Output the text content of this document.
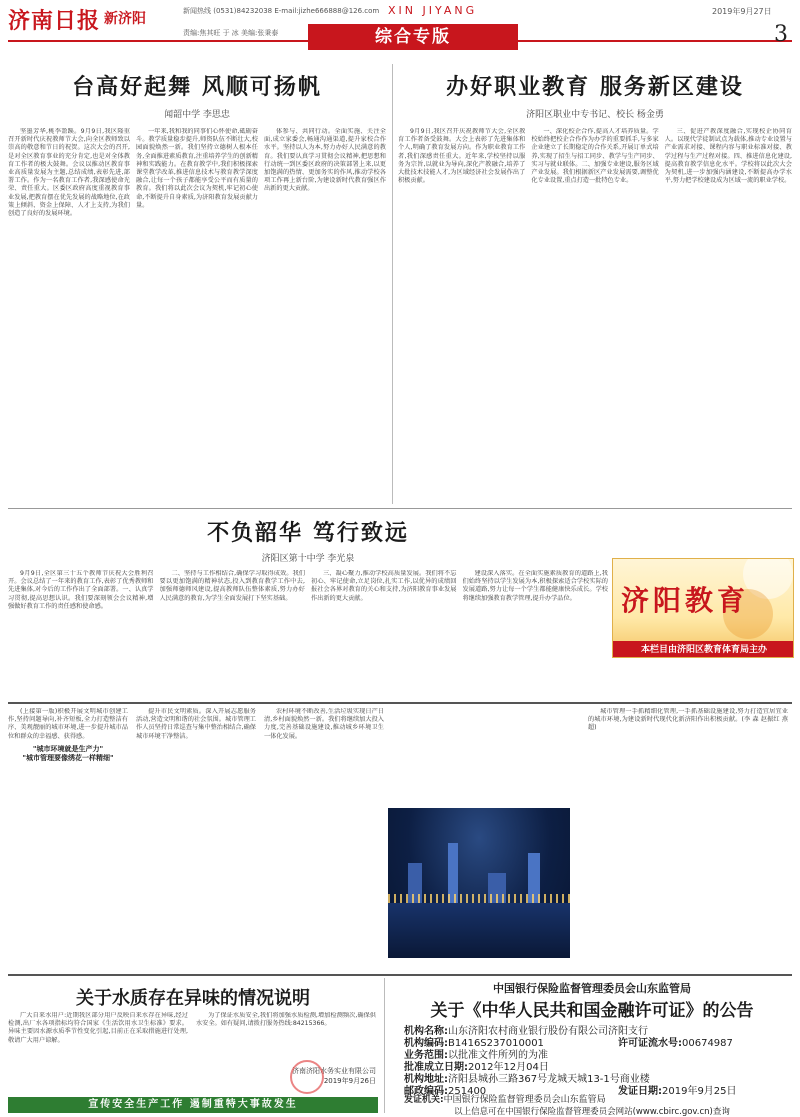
济南日报 新济阳	新闻热线 (0531)84232038 E-mail:jizhe666888@126.com
责编:焦其旺 于 冰 美编:张秉泰
XIN JIYANG	2019年9月27日
综合专版	3
台高好起舞 风顺可扬帆
闻韶中学 李思忠

坚墨芳华,桃李盈蹊。9月9日,我区隆重召开新时代庆祝教师节大会,向全区教师致以崇高的敬意和节日的祝贺。这次大会的召开,是对全区教育事业的充分肯定,也是对全体教育工作者的极大鼓舞。会议以推动区教育事业高质量发展为主题,总结成绩,表彰先进,部署工作。作为一名教育工作者,我深感使命光荣、责任重大。区委区政府高度重视教育事业发展,把教育摆在优先发展的战略地位,在政策上倾斜、资金上保障、人才上支持,为我们创造了良好的发展环境。

一年来,我和我的同事们心怀使命,砥砺奋斗。教学质量稳步提升,师资队伍不断壮大,校园面貌焕然一新。我们坚持立德树人根本任务,全面推进素质教育,注重培养学生的创新精神和实践能力。在教育教学中,我们积极探索课堂教学改革,推进信息技术与教育教学深度融合,让每一个孩子都能享受公平而有质量的教育。我们将以此次会议为契机,牢记初心使命,不断提升自身素质,为济阳教育发展贡献力量。

体参与、共同行动。全面实施、关注全面,成立家委会,畅通沟通渠道,提升家校合作水平。坚持以人为本,努力办好人民满意的教育。我们要认真学习贯彻会议精神,把思想和行动统一到区委区政府的决策部署上来,以更加饱满的热情、更加务实的作风,推动学校各项工作再上新台阶,为建设新时代教育强区作出新的更大贡献。

办好职业教育 服务新区建设
济阳区职业中专书记、校长 杨金勇

9月9日,我区召开庆祝教师节大会,全区教育工作者备受鼓舞。大会上表彰了先进集体和个人,明确了教育发展方向。作为职业教育工作者,我们深感责任重大。近年来,学校坚持以服务为宗旨,以就业为导向,深化产教融合,培养了大批技术技能人才,为区域经济社会发展作出了积极贡献。

一、深化校企合作,提高人才培养质量。学校始终把校企合作作为办学的重要抓手,与多家企业建立了长期稳定的合作关系,开展订单式培养,实现了招生与招工同步、教学与生产同步、实习与就业联体。二、加强专业建设,服务区域产业发展。我们根据新区产业发展需要,调整优化专业设置,重点打造一批特色专业。

三、促进产教深度融合,实现校企协同育人。以现代学徒制试点为载体,推动专业设置与产业需求对接、课程内容与职业标准对接、教学过程与生产过程对接。四、推进信息化建设,提高教育教学信息化水平。学校将以此次大会为契机,进一步加强内涵建设,不断提高办学水平,努力把学校建设成为区域一流的职业学校。

不负韶华 笃行致远
济阳区第十中学 李光泉

9月9日,全区第三十五个教师节庆祝大会胜利召开。会议总结了一年来的教育工作,表彰了优秀教师和先进集体,对今后的工作作出了全面部署。一、认真学习贯彻,提高思想认识。我们要深刻领会会议精神,增强做好教育工作的责任感和使命感。

二、坚持与工作相结合,确保学习取得成效。我们要以更加饱满的精神状态,投入到教育教学工作中去,加强师德师风建设,提高教师队伍整体素质,努力办好人民满意的教育,为学生全面发展打下坚实基础。

三、凝心聚力,推动学校高质量发展。我们将不忘初心、牢记使命,立足岗位,扎实工作,以优异的成绩回报社会各界对教育的关心和支持,为济阳教育事业发展作出新的更大贡献。

建设深入落实。在全面实施素质教育的道路上,我们始终坚持以学生发展为本,积极探索适合学校实际的发展道路,努力让每一个学生都能健康快乐成长。学校将继续加强教育教学管理,提升办学品位。	济阳教育
本栏目由济阳区教育体育局主办

(上接第一版)积极开展文明城市创建工作,坚持问题导向,补齐短板,全力打造整洁有序、美观靓丽的城市环境,进一步提升城市品位和群众的幸福感、获得感。

"城市环境就是生产力"
"城市管理要像绣花一样精细"

提升市民文明素质。深入开展志愿服务活动,营造文明和谐的社会氛围。城市管理工作人员坚持日常巡查与集中整治相结合,确保城市环境干净整洁。

农村环境不断改善,生活垃圾实现日产日清,乡村面貌焕然一新。我们将继续加大投入力度,完善基础设施建设,推动城乡环境卫生一体化发展。

城市管理一手抓精细化管理,一手抓基础设施建设,努力打造宜居宜业的城市环境,为建设新时代现代化新济阳作出积极贡献。(李 森 赵振红 燕超)

关于水质存在异味的情况说明

广大自来水用户:近期我区部分用户反映自来水存在异味,经过检测,出厂水各项指标均符合国家《生活饮用水卫生标准》要求。异味主要因水源水质季节性变化引起,目前正在采取措施进行处理,敬请广大用户谅解。

为了保证水质安全,我们将加强水质检测,增加检测频次,确保供水安全。如有疑问,请拨打服务热线:84215366。

济南济阳水务实业有限公司
2019年9月26日
宣传安全生产工作 遏制重特大事故发生
中国银行保险监督管理委员会山东监管局
关于《中华人民共和国金融许可证》的公告
机构名称:山东济阳农村商业银行股份有限公司济阳支行
机构编码:B1416S237010001	许可证流水号:00674987
业务范围:以批准文件所列的为准
批准成立日期:2012年12月04日
机构地址:济阳县城孙三路367号龙城天城13-1号商业楼
邮政编码:251400	发证日期:2019年9月25日
发证机关:中国银行保险监督管理委员会山东监管局
以上信息可在中国银行保险监督管理委员会网站(www.cbirc.gov.cn)查询
